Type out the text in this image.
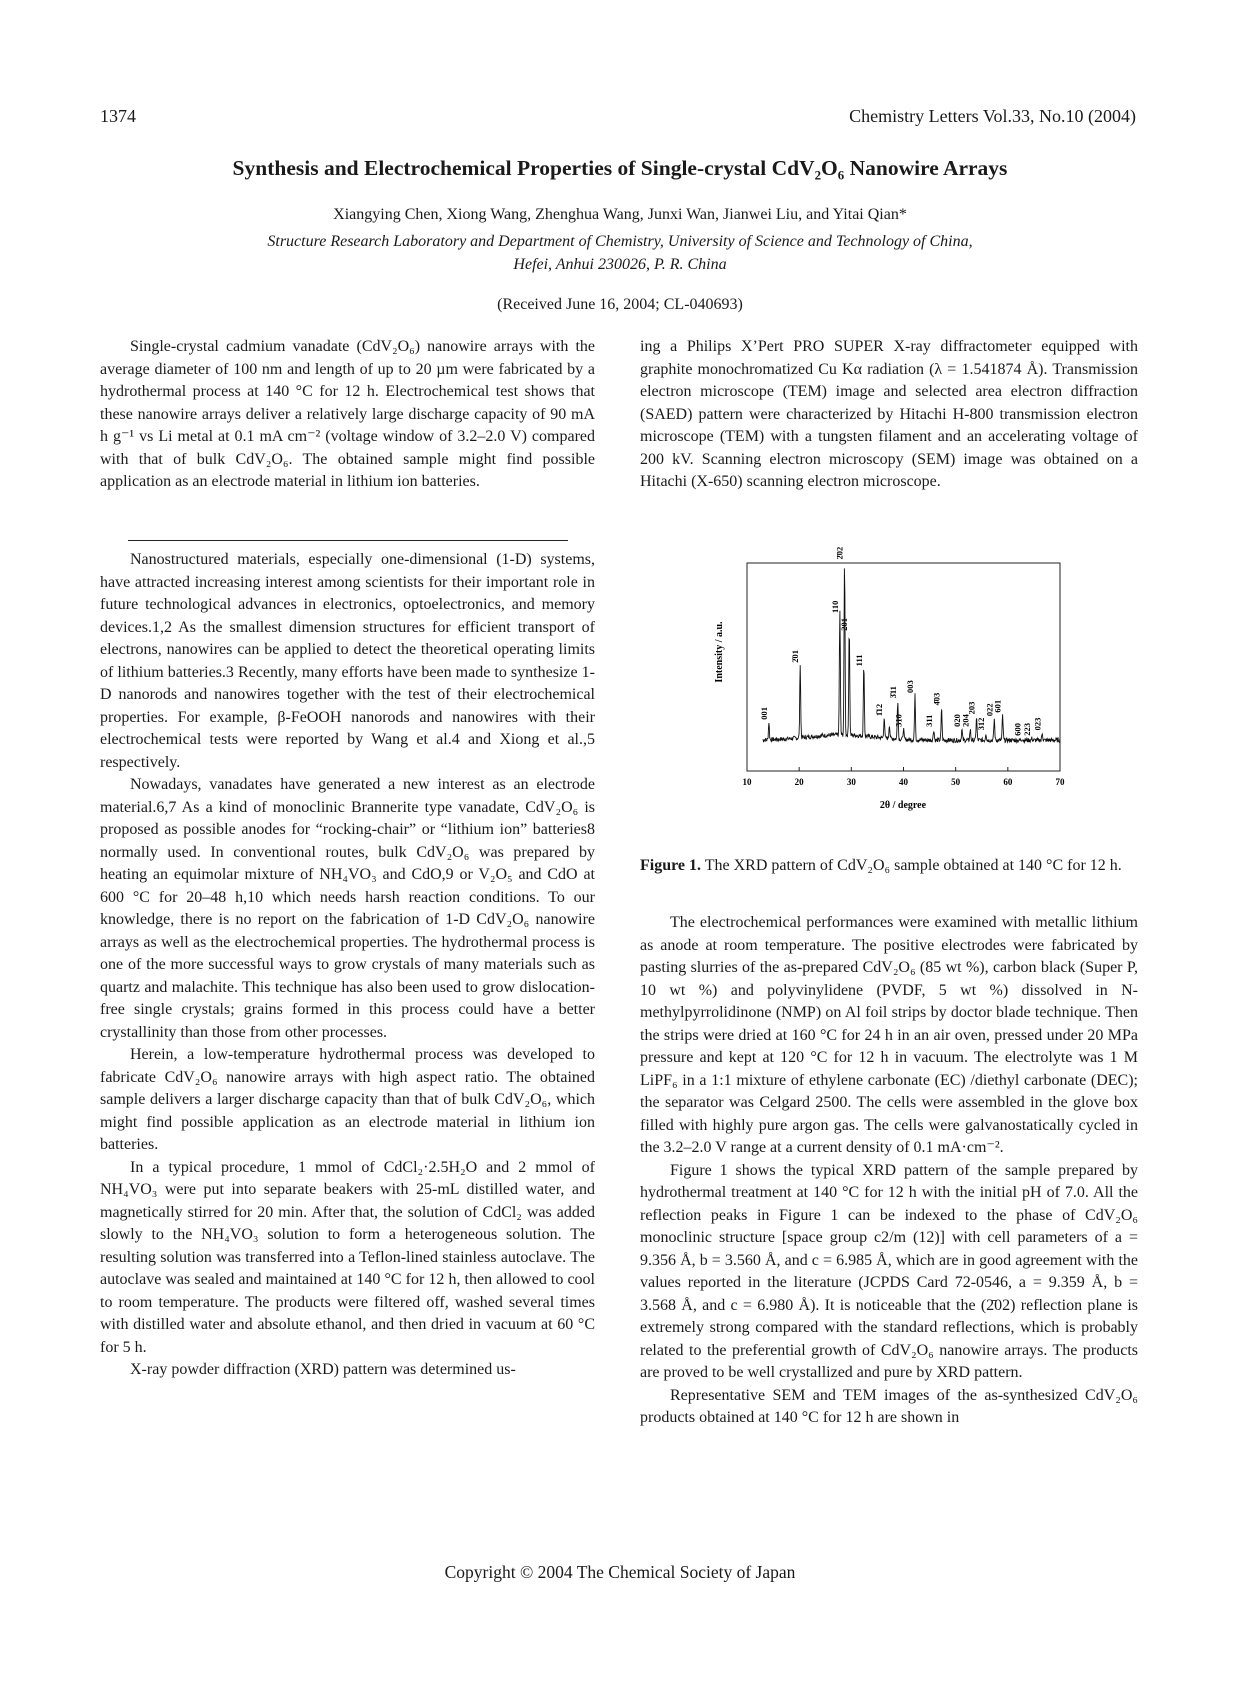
1374	Chemistry Letters Vol.33, No.10 (2004)
Synthesis and Electrochemical Properties of Single-crystal CdV₂O₆ Nanowire Arrays
Xiangying Chen, Xiong Wang, Zhenghua Wang, Junxi Wan, Jianwei Liu, and Yitai Qian*
Structure Research Laboratory and Department of Chemistry, University of Science and Technology of China,
Hefei, Anhui 230026, P. R. China
(Received June 16, 2004; CL-040693)

Single-crystal cadmium vanadate (CdV₂O₆) nanowire arrays with the average diameter of 100 nm and length of up to 20 µm were fabricated by a hydrothermal process at 140 °C for 12 h. Electrochemical test shows that these nanowire arrays deliver a relatively large discharge capacity of 90 mA h g⁻¹ vs Li metal at 0.1 mA cm⁻² (voltage window of 3.2–2.0 V) compared with that of bulk CdV₂O₆. The obtained sample might find possible application as an electrode material in lithium ion batteries.

Nanostructured materials, especially one-dimensional (1-D) systems, have attracted increasing interest among scientists for their important role in future technological advances in electronics, optoelectronics, and memory devices.1,2 As the smallest dimension structures for efficient transport of electrons, nanowires can be applied to detect the theoretical operating limits of lithium batteries.3 Recently, many efforts have been made to synthesize 1-D nanorods and nanowires together with the test of their electrochemical properties. For example, β-FeOOH nanorods and nanowires with their electrochemical tests were reported by Wang et al.4 and Xiong et al.,5 respectively.

Nowadays, vanadates have generated a new interest as an electrode material.6,7 As a kind of monoclinic Brannerite type vanadate, CdV₂O₆ is proposed as possible anodes for “rocking-chair” or “lithium ion” batteries8 normally used. In conventional routes, bulk CdV₂O₆ was prepared by heating an equimolar mixture of NH₄VO₃ and CdO,9 or V₂O₅ and CdO at 600 °C for 20–48 h,10 which needs harsh reaction conditions. To our knowledge, there is no report on the fabrication of 1-D CdV₂O₆ nanowire arrays as well as the electrochemical properties. The hydrothermal process is one of the more successful ways to grow crystals of many materials such as quartz and malachite. This technique has also been used to grow dislocation-free single crystals; grains formed in this process could have a better crystallinity than those from other processes.

Herein, a low-temperature hydrothermal process was developed to fabricate CdV₂O₆ nanowire arrays with high aspect ratio. The obtained sample delivers a larger discharge capacity than that of bulk CdV₂O₆, which might find possible application as an electrode material in lithium ion batteries.

In a typical procedure, 1 mmol of CdCl₂·2.5H₂O and 2 mmol of NH₄VO₃ were put into separate beakers with 25-mL distilled water, and magnetically stirred for 20 min. After that, the solution of CdCl₂ was added slowly to the NH₄VO₃ solution to form a heterogeneous solution. The resulting solution was transferred into a Teflon-lined stainless autoclave. The autoclave was sealed and maintained at 140 °C for 12 h, then allowed to cool to room temperature. The products were filtered off, washed several times with distilled water and absolute ethanol, and then dried in vacuum at 60 °C for 5 h.

X-ray powder diffraction (XRD) pattern was determined us-

ing a Philips X’Pert PRO SUPER X-ray diffractometer equipped with graphite monochromatized Cu Kα radiation (λ = 1.541874 Å). Transmission electron microscope (TEM) image and selected area electron diffraction (SAED) pattern were characterized by Hitachi H-800 transmission electron microscope (TEM) with a tungsten filament and an accelerating voltage of 200 kV. Scanning electron microscopy (SEM) image was obtained on a Hitachi (X-650) scanning electron microscope.

001
2̄01
110
2̄02
201
111
1̄12
3̄11
310
003
311
4̄03
020
204
203
312
022
601
600 223 023
10	20	30	40	50	60	70
Intensity / a.u.
2θ / degree
Figure 1. The XRD pattern of CdV₂O₆ sample obtained at 140 °C for 12 h.

The electrochemical performances were examined with metallic lithium as anode at room temperature. The positive electrodes were fabricated by pasting slurries of the as-prepared CdV₂O₆ (85 wt %), carbon black (Super P, 10 wt %) and polyvinylidene (PVDF, 5 wt %) dissolved in N-methylpyrrolidinone (NMP) on Al foil strips by doctor blade technique. Then the strips were dried at 160 °C for 24 h in an air oven, pressed under 20 MPa pressure and kept at 120 °C for 12 h in vacuum. The electrolyte was 1 M LiPF₆ in a 1:1 mixture of ethylene carbonate (EC) /diethyl carbonate (DEC); the separator was Celgard 2500. The cells were assembled in the glove box filled with highly pure argon gas. The cells were galvanostatically cycled in the 3.2–2.0 V range at a current density of 0.1 mA·cm⁻².

Figure 1 shows the typical XRD pattern of the sample prepared by hydrothermal treatment at 140 °C for 12 h with the initial pH of 7.0. All the reflection peaks in Figure 1 can be indexed to the phase of CdV₂O₆ monoclinic structure [space group c2/m (12)] with cell parameters of a = 9.356 Å, b = 3.560 Å, and c = 6.985 Å, which are in good agreement with the values reported in the literature (JCPDS Card 72-0546, a = 9.359 Å, b = 3.568 Å, and c = 6.980 Å). It is noticeable that the (2̄02) reflection plane is extremely strong compared with the standard reflections, which is probably related to the preferential growth of CdV₂O₆ nanowire arrays. The products are proved to be well crystallized and pure by XRD pattern.

Representative SEM and TEM images of the as-synthesized CdV₂O₆ products obtained at 140 °C for 12 h are shown in

Copyright © 2004 The Chemical Society of Japan
